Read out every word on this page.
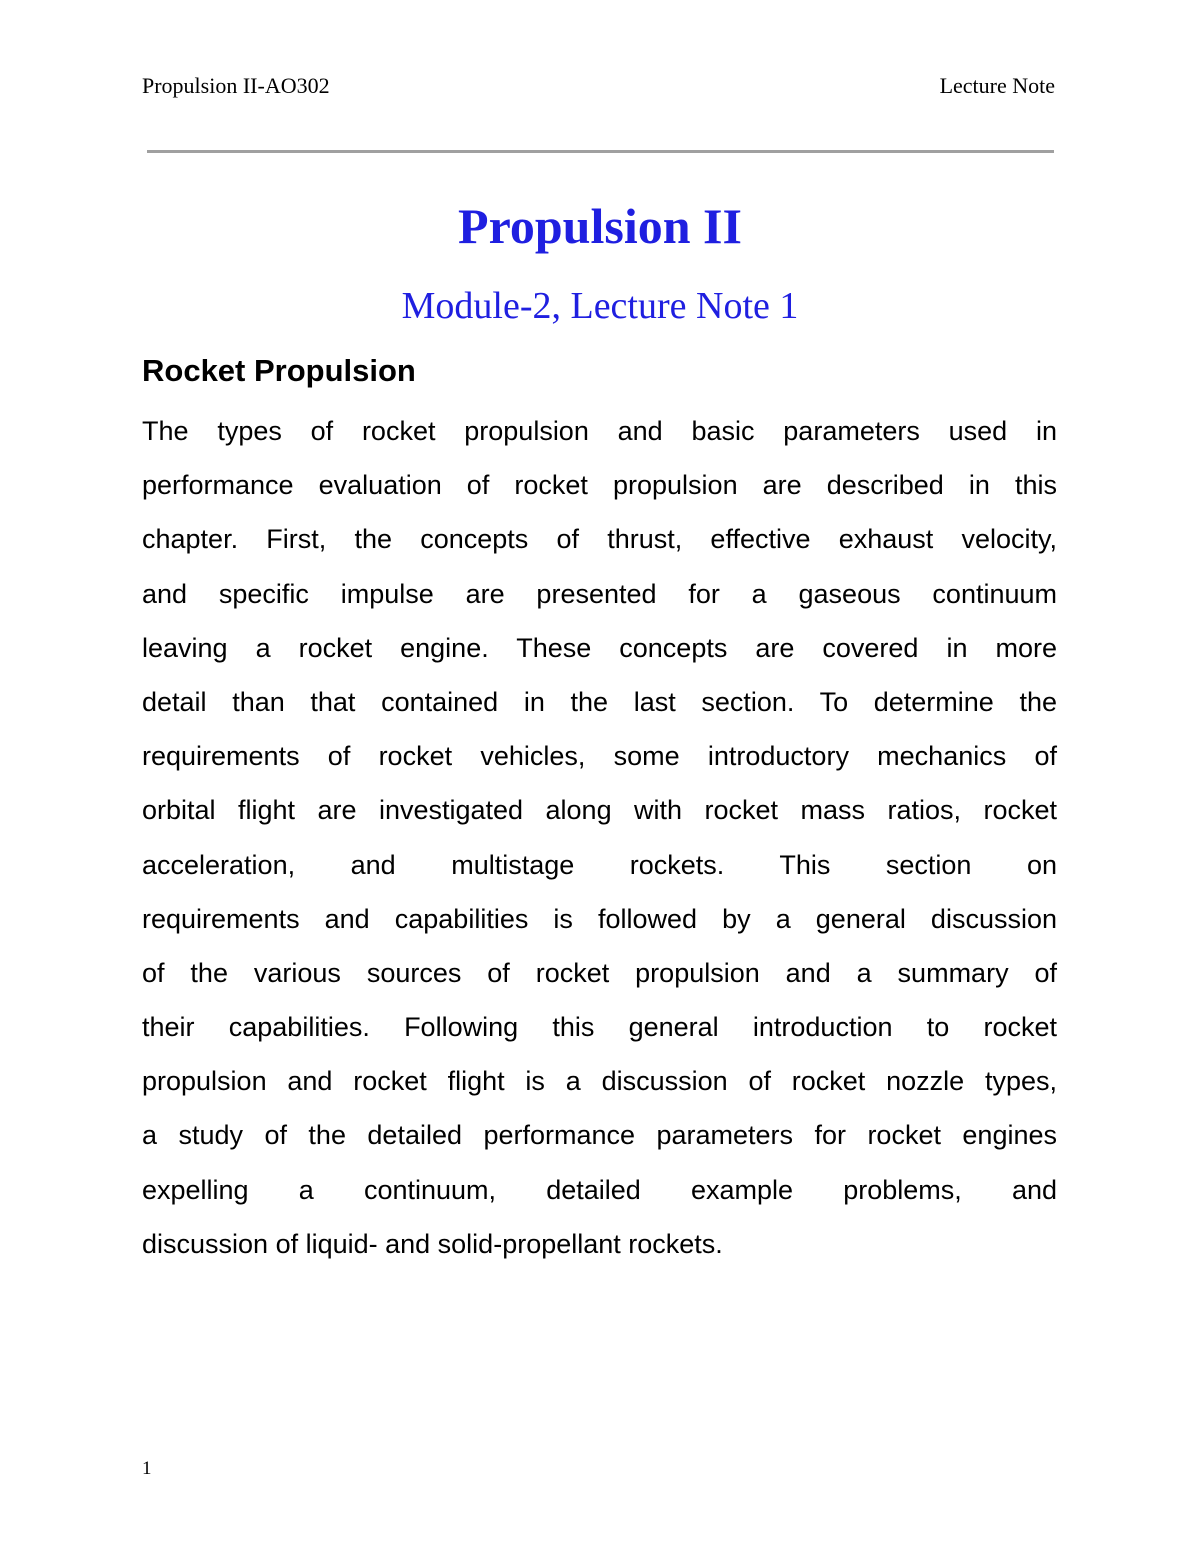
Propulsion II-AO302	Lecture Note
Propulsion II
Module-2, Lecture Note 1
Rocket Propulsion
The types of rocket propulsion and basic parameters used in
performance evaluation of rocket propulsion are described in this
chapter. First, the concepts of thrust, effective exhaust velocity,
and specific impulse are presented for a gaseous continuum
leaving a rocket engine. These concepts are covered in more
detail than that contained in the last section. To determine the
requirements of rocket vehicles, some introductory mechanics of
orbital flight are investigated along with rocket mass ratios, rocket
acceleration, and multistage rockets. This section on
requirements and capabilities is followed by a general discussion
of the various sources of rocket propulsion and a summary of
their capabilities. Following this general introduction to rocket
propulsion and rocket flight is a discussion of rocket nozzle types,
a study of the detailed performance parameters for rocket engines
expelling a continuum, detailed example problems, and
discussion of liquid- and solid-propellant rockets.
1
